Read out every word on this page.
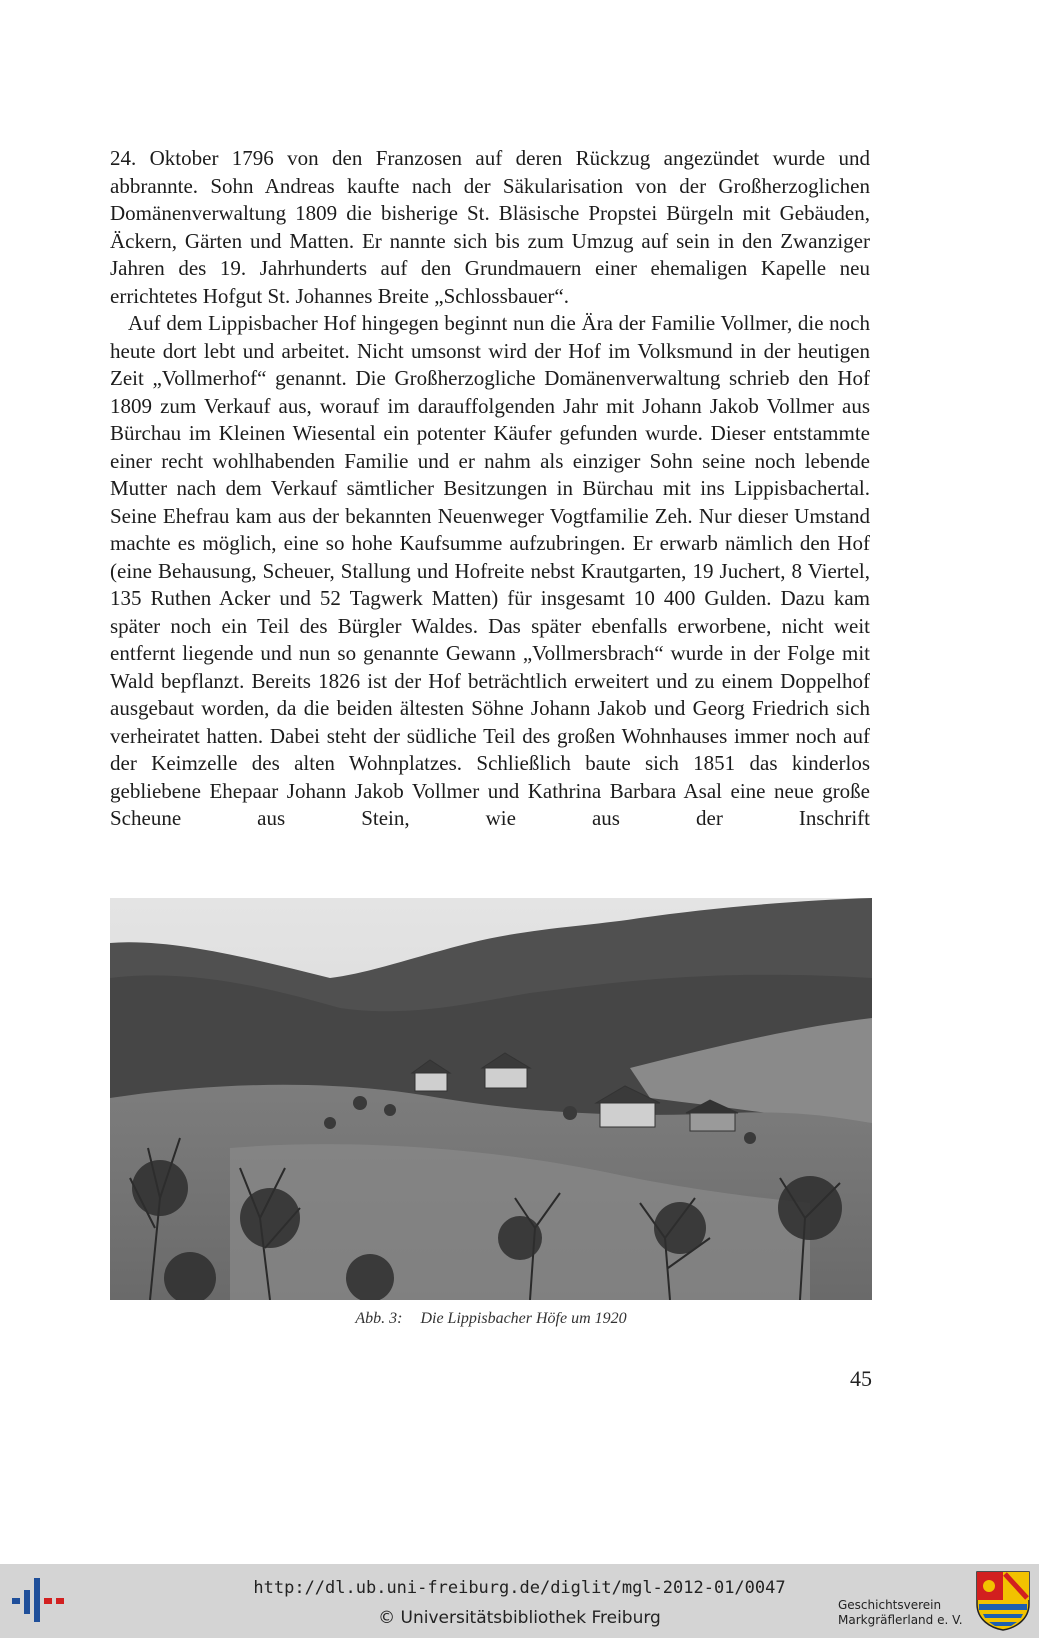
24. Oktober 1796 von den Franzosen auf deren Rückzug angezündet wurde und abbrannte. Sohn Andreas kaufte nach der Säkularisation von der Großherzoglichen Domänenverwaltung 1809 die bisherige St. Bläsische Propstei Bürgeln mit Gebäuden, Äckern, Gärten und Matten. Er nannte sich bis zum Umzug auf sein in den Zwanziger Jahren des 19. Jahrhunderts auf den Grundmauern einer ehemaligen Kapelle neu errichtetes Hofgut St. Johannes Breite „Schlossbauer“.

Auf dem Lippisbacher Hof hingegen beginnt nun die Ära der Familie Vollmer, die noch heute dort lebt und arbeitet. Nicht umsonst wird der Hof im Volksmund in der heutigen Zeit „Vollmerhof“ genannt. Die Großherzogliche Domänenverwaltung schrieb den Hof 1809 zum Verkauf aus, worauf im darauffolgenden Jahr mit Johann Jakob Vollmer aus Bürchau im Kleinen Wiesental ein potenter Käufer gefunden wurde. Dieser entstammte einer recht wohlhabenden Familie und er nahm als einziger Sohn seine noch lebende Mutter nach dem Verkauf sämtlicher Besitzungen in Bürchau mit ins Lippisbachertal. Seine Ehefrau kam aus der bekannten Neuenweger Vogtfamilie Zeh. Nur dieser Umstand machte es möglich, eine so hohe Kaufsumme aufzubringen. Er erwarb nämlich den Hof (eine Behausung, Scheuer, Stallung und Hofreite nebst Krautgarten, 19 Juchert, 8 Viertel, 135 Ruthen Acker und 52 Tagwerk Matten) für insgesamt 10 400 Gulden. Dazu kam später noch ein Teil des Bürgler Waldes. Das später ebenfalls erworbene, nicht weit entfernt liegende und nun so genannte Gewann „Vollmersbrach“ wurde in der Folge mit Wald bepflanzt. Bereits 1826 ist der Hof beträchtlich erweitert und zu einem Doppelhof ausgebaut worden, da die beiden ältesten Söhne Johann Jakob und Georg Friedrich sich verheiratet hatten. Dabei steht der südliche Teil des großen Wohnhauses immer noch auf der Keimzelle des alten Wohnplatzes. Schließlich baute sich 1851 das kinderlos gebliebene Ehepaar Johann Jakob Vollmer und Kathrina Barbara Asal eine neue große Scheune aus Stein, wie aus der Inschrift

Abb. 3: Die Lippisbacher Höfe um 1920
45
http://dl.ub.uni-freiburg.de/diglit/mgl-2012-01/0047
© Universitätsbibliothek Freiburg
Geschichtsverein
Markgräflerland e. V.
